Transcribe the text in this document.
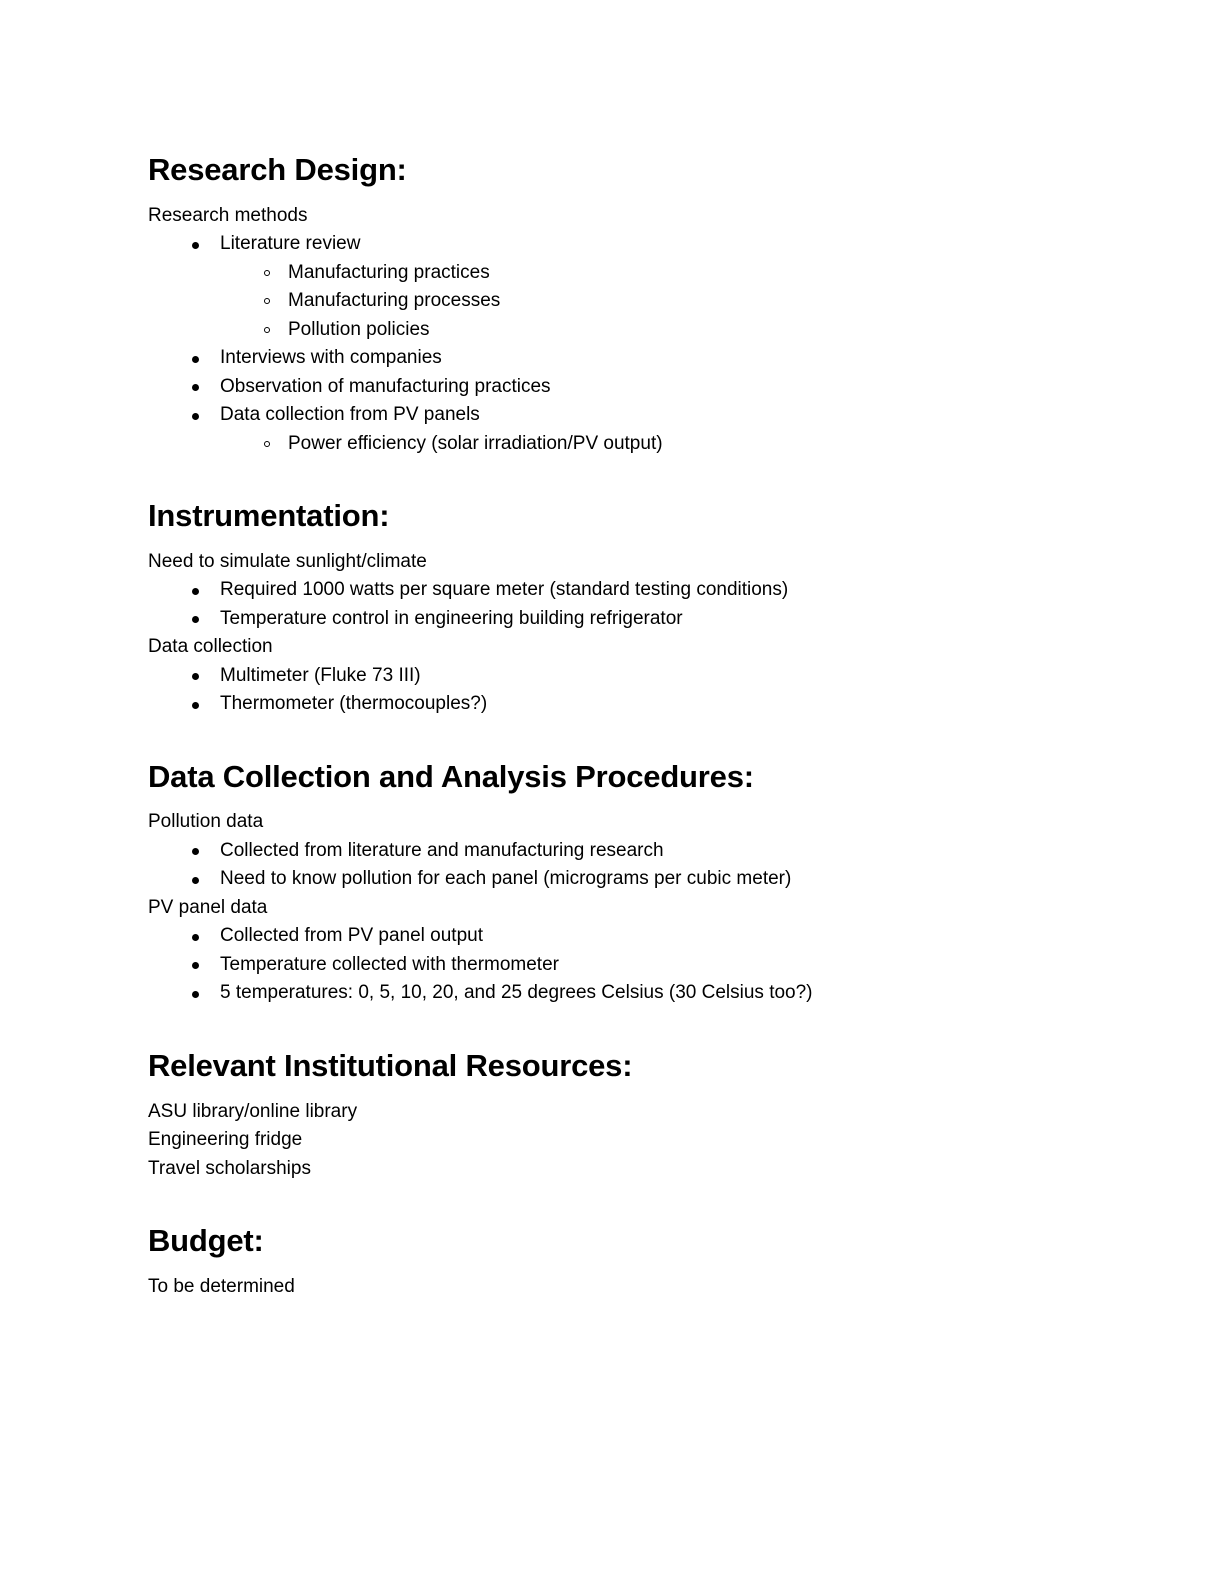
Research Design:

Research methods

Literature review
Manufacturing practices
Manufacturing processes
Pollution policies
Interviews with companies
Observation of manufacturing practices
Data collection from PV panels
Power efficiency (solar irradiation/PV output)
Instrumentation:

Need to simulate sunlight/climate

Required 1000 watts per square meter (standard testing conditions)
Temperature control in engineering building refrigerator

Data collection

Multimeter (Fluke 73 III)
Thermometer (thermocouples?)
Data Collection and Analysis Procedures:

Pollution data

Collected from literature and manufacturing research
Need to know pollution for each panel (micrograms per cubic meter)

PV panel data

Collected from PV panel output
Temperature collected with thermometer
5 temperatures: 0, 5, 10, 20, and 25 degrees Celsius (30 Celsius too?)
Relevant Institutional Resources:

ASU library/online library

Engineering fridge

Travel scholarships

Budget:

To be determined
